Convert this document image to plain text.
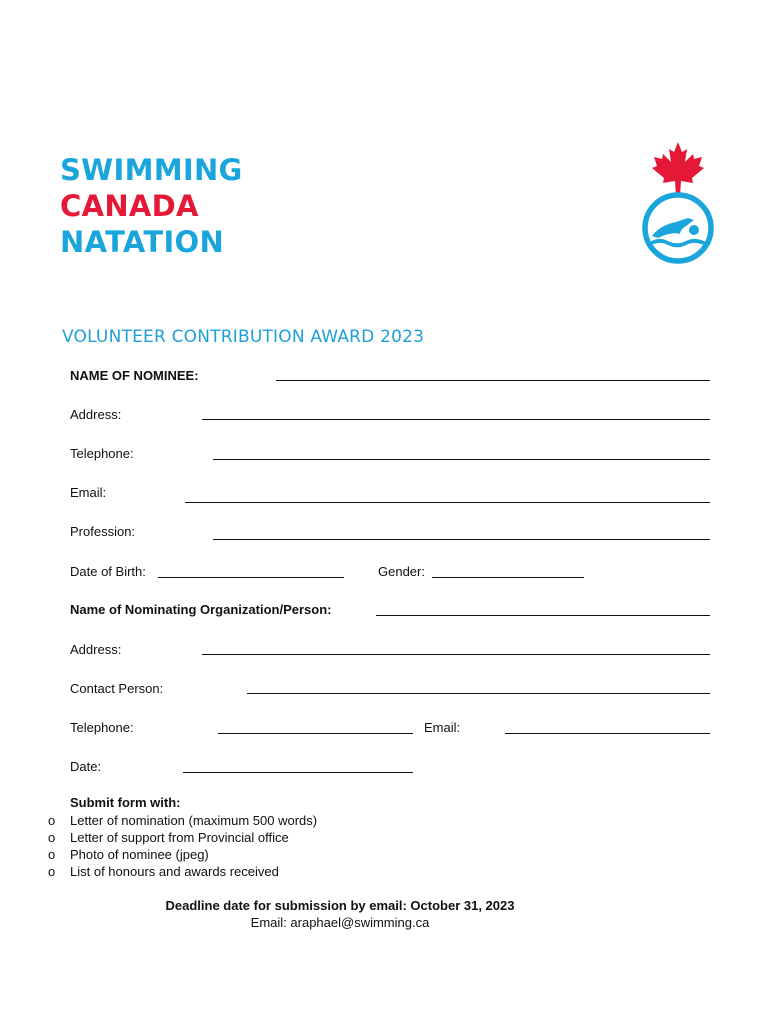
SWIMMING
CANADA
NATATION
VOLUNTEER CONTRIBUTION AWARD 2023
NAME OF NOMINEE:
Address:
Telephone:
Email:
Profession:
Date of Birth:	Gender:
Name of Nominating Organization/Person:
Address:
Contact Person:
Telephone:	Email:
Date:
Submit form with:
o Letter of nomination (maximum 500 words)
o Letter of support from Provincial office
o Photo of nominee (jpeg)
o List of honours and awards received
Deadline date for submission by email: October 31, 2023
Email: araphael@swimming.ca
